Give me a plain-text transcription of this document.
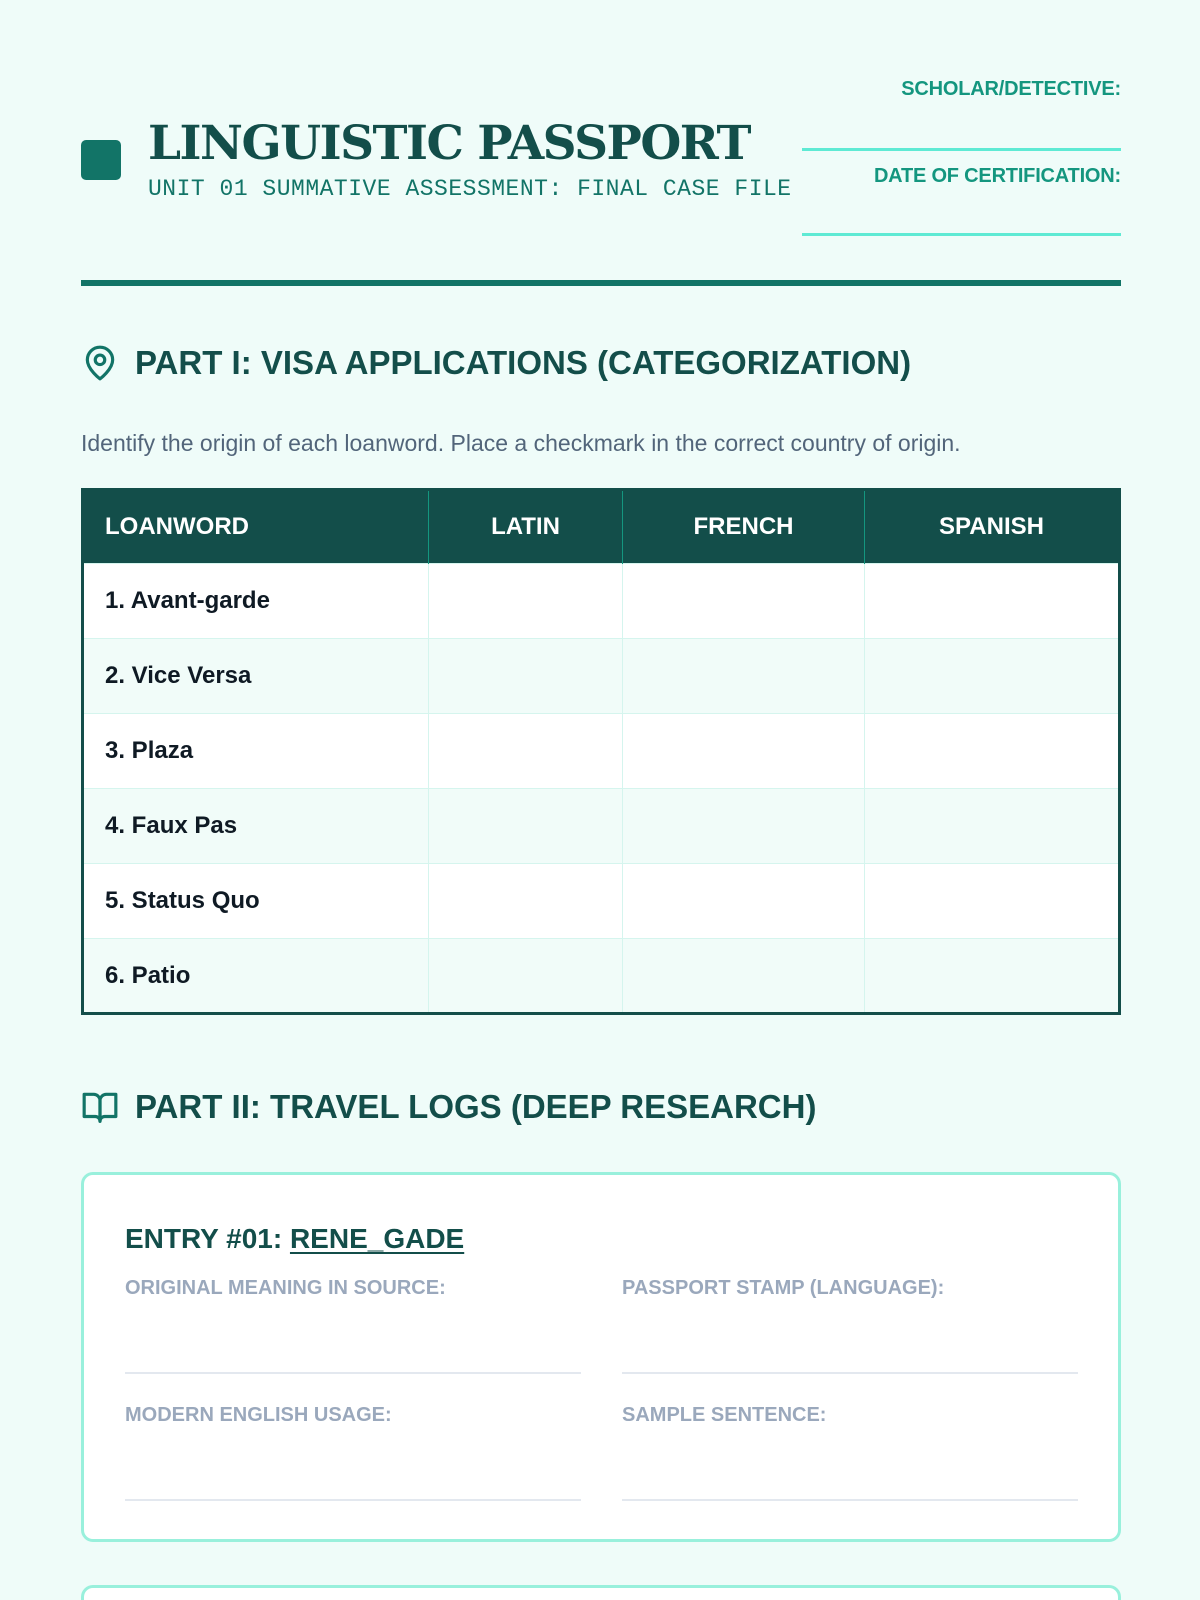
LINGUISTIC PASSPORT
UNIT 01 SUMMATIVE ASSESSMENT: FINAL CASE FILE
SCHOLAR/DETECTIVE:
DATE OF CERTIFICATION:
PART I: VISA APPLICATIONS (CATEGORIZATION)

Identify the origin of each loanword. Place a checkmark in the correct country of origin.

LOANWORD	LATIN	FRENCH	SPANISH
1. Avant-garde			
2. Vice Versa			
3. Plaza			
4. Faux Pas			
5. Status Quo			
6. Patio			
PART II: TRAVEL LOGS (DEEP RESEARCH)
ENTRY #01: RENE_GADE
ORIGINAL MEANING IN SOURCE:	PASSPORT STAMP (LANGUAGE):
MODERN ENGLISH USAGE:	SAMPLE SENTENCE:
